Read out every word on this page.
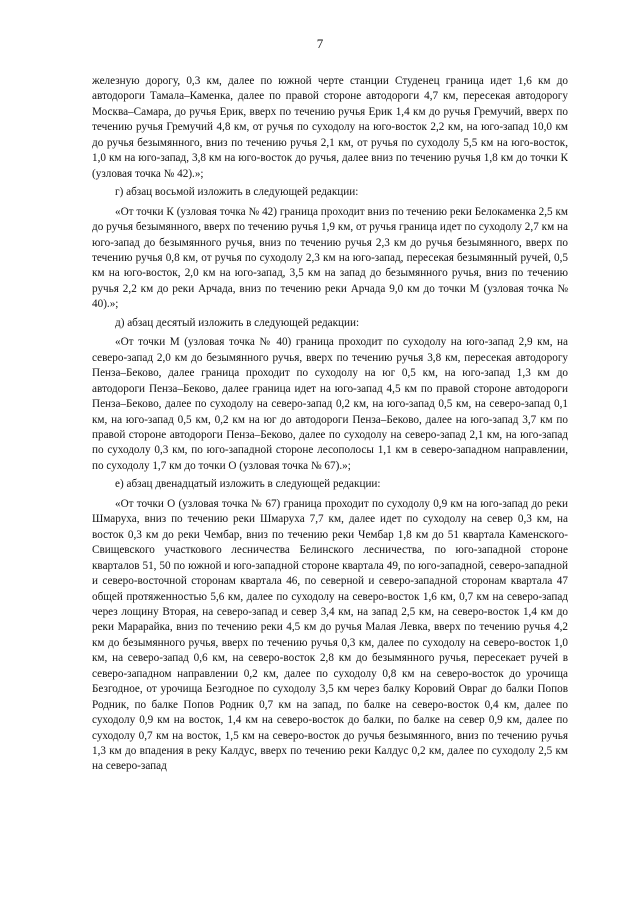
7

железную дорогу, 0,3 км, далее по южной черте станции Студенец граница идет 1,6 км до автодороги Тамала–Каменка, далее по правой стороне автодороги 4,7 км, пересекая автодорогу Москва–Самара, до ручья Ерик, вверх по течению ручья Ерик 1,4 км до ручья Гремучий, вверх по течению ручья Гремучий 4,8 км, от ручья по суходолу на юго-восток 2,2 км, на юго-запад 10,0 км до ручья безымянного, вниз по течению ручья 2,1 км, от ручья по суходолу 5,5 км на юго-восток, 1,0 км на юго-запад, 3,8 км на юго-восток до ручья, далее вниз по течению ручья 1,8 км до точки К (узловая точка № 42).»;

г) абзац восьмой изложить в следующей редакции:

«От точки К (узловая точка № 42) граница проходит вниз по течению реки Белокаменка 2,5 км до ручья безымянного, вверх по течению ручья 1,9 км, от ручья граница идет по суходолу 2,7 км на юго-запад до безымянного ручья, вниз по течению ручья 2,3 км до ручья безымянного, вверх по течению ручья 0,8 км, от ручья по суходолу 2,3 км на юго-запад, пересекая безымянный ручей, 0,5 км на юго-восток, 2,0 км на юго-запад, 3,5 км на запад до безымянного ручья, вниз по течению ручья 2,2 км до реки Арчада, вниз по течению реки Арчада 9,0 км до точки М (узловая точка № 40).»;

д) абзац десятый изложить в следующей редакции:

«От точки М (узловая точка № 40) граница проходит по суходолу на юго-запад 2,9 км, на северо-запад 2,0 км до безымянного ручья, вверх по течению ручья 3,8 км, пересекая автодорогу Пенза–Беково, далее граница проходит по суходолу на юг 0,5 км, на юго-запад 1,3 км до автодороги Пенза–Беково, далее граница идет на юго-запад 4,5 км по правой стороне автодороги Пенза–Беково, далее по суходолу на северо-запад 0,2 км, на юго-запад 0,5 км, на северо-запад 0,1 км, на юго-запад 0,5 км, 0,2 км на юг до автодороги Пенза–Беково, далее на юго-запад 3,7 км по правой стороне автодороги Пенза–Беково, далее по суходолу на северо-запад 2,1 км, на юго-запад по суходолу 0,3 км, по юго-западной стороне лесополосы 1,1 км в северо-западном направлении, по суходолу 1,7 км до точки О (узловая точка № 67).»;

е) абзац двенадцатый изложить в следующей редакции:

«От точки О (узловая точка № 67) граница проходит по суходолу 0,9 км на юго-запад до реки Шмаруха, вниз по течению реки Шмаруха 7,7 км, далее идет по суходолу на север 0,3 км, на восток 0,3 км до реки Чембар, вниз по течению реки Чембар 1,8 км до 51 квартала Каменского-Свищевского участкового лесничества Белинского лесничества, по юго-западной стороне кварталов 51, 50 по южной и юго-западной стороне квартала 49, по юго-западной, северо-западной и северо-восточной сторонам квартала 46, по северной и северо-западной сторонам квартала 47 общей протяженностью 5,6 км, далее по суходолу на северо-восток 1,6 км, 0,7 км на северо-запад через лощину Вторая, на северо-запад и север 3,4 км, на запад 2,5 км, на северо-восток 1,4 км до реки Марарайка, вниз по течению реки 4,5 км до ручья Малая Левка, вверх по течению ручья 4,2 км до безымянного ручья, вверх по течению ручья 0,3 км, далее по суходолу на северо-восток 1,0 км, на северо-запад 0,6 км, на северо-восток 2,8 км до безымянного ручья, пересекает ручей в северо-западном направлении 0,2 км, далее по суходолу 0,8 км на северо-восток до урочища Безгодное, от урочища Безгодное по суходолу 3,5 км через балку Коровий Овраг до балки Попов Родник, по балке Попов Родник 0,7 км на запад, по балке на северо-восток 0,4 км, далее по суходолу 0,9 км на восток, 1,4 км на северо-восток до балки, по балке на север 0,9 км, далее по суходолу 0,7 км на восток, 1,5 км на северо-восток до ручья безымянного, вниз по течению ручья 1,3 км до впадения в реку Калдус, вверх по течению реки Калдус 0,2 км, далее по суходолу 2,5 км на северо-запад
